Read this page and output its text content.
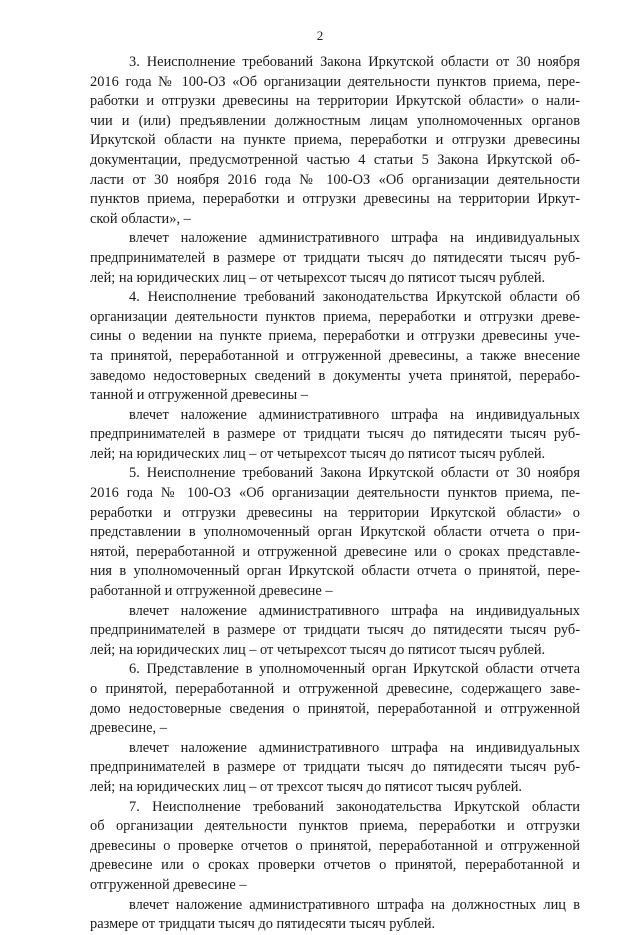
2
3. Неисполнение требований Закона Иркутской области от 30 ноября
2016 года № 100-ОЗ «Об организации деятельности пунктов приема, пере-
работки и отгрузки древесины на территории Иркутской области» о нали-
чии и (или) предъявлении должностным лицам уполномоченных органов
Иркутской области на пункте приема, переработки и отгрузки древесины
документации, предусмотренной частью 4 статьи 5 Закона Иркутской об-
ласти от 30 ноября 2016 года № 100-ОЗ «Об организации деятельности
пунктов приема, переработки и отгрузки древесины на территории Иркут-
ской области», –
влечет наложение административного штрафа на индивидуальных
предпринимателей в размере от тридцати тысяч до пятидесяти тысяч руб-
лей; на юридических лиц – от четырехсот тысяч до пятисот тысяч рублей.
4. Неисполнение требований законодательства Иркутской области об
организации деятельности пунктов приема, переработки и отгрузки древе-
сины о ведении на пункте приема, переработки и отгрузки древесины уче-
та принятой, переработанной и отгруженной древесины, а также внесение
заведомо недостоверных сведений в документы учета принятой, перерабо-
танной и отгруженной древесины –
влечет наложение административного штрафа на индивидуальных
предпринимателей в размере от тридцати тысяч до пятидесяти тысяч руб-
лей; на юридических лиц – от четырехсот тысяч до пятисот тысяч рублей.
5. Неисполнение требований Закона Иркутской области от 30 ноября
2016 года № 100-ОЗ «Об организации деятельности пунктов приема, пе-
реработки и отгрузки древесины на территории Иркутской области» о
представлении в уполномоченный орган Иркутской области отчета о при-
нятой, переработанной и отгруженной древесине или о сроках представле-
ния в уполномоченный орган Иркутской области отчета о принятой, пере-
работанной и отгруженной древесине –
влечет наложение административного штрафа на индивидуальных
предпринимателей в размере от тридцати тысяч до пятидесяти тысяч руб-
лей; на юридических лиц – от четырехсот тысяч до пятисот тысяч рублей.
6. Представление в уполномоченный орган Иркутской области отчета
о принятой, переработанной и отгруженной древесине, содержащего заве-
домо недостоверные сведения о принятой, переработанной и отгруженной
древесине, –
влечет наложение административного штрафа на индивидуальных
предпринимателей в размере от тридцати тысяч до пятидесяти тысяч руб-
лей; на юридических лиц – от трехсот тысяч до пятисот тысяч рублей.
7. Неисполнение требований законодательства Иркутской области
об организации деятельности пунктов приема, переработки и отгрузки
древесины о проверке отчетов о принятой, переработанной и отгруженной
древесине или о сроках проверки отчетов о принятой, переработанной и
отгруженной древесине –
влечет наложение административного штрафа на должностных лиц в
размере от тридцати тысяч до пятидесяти тысяч рублей.
